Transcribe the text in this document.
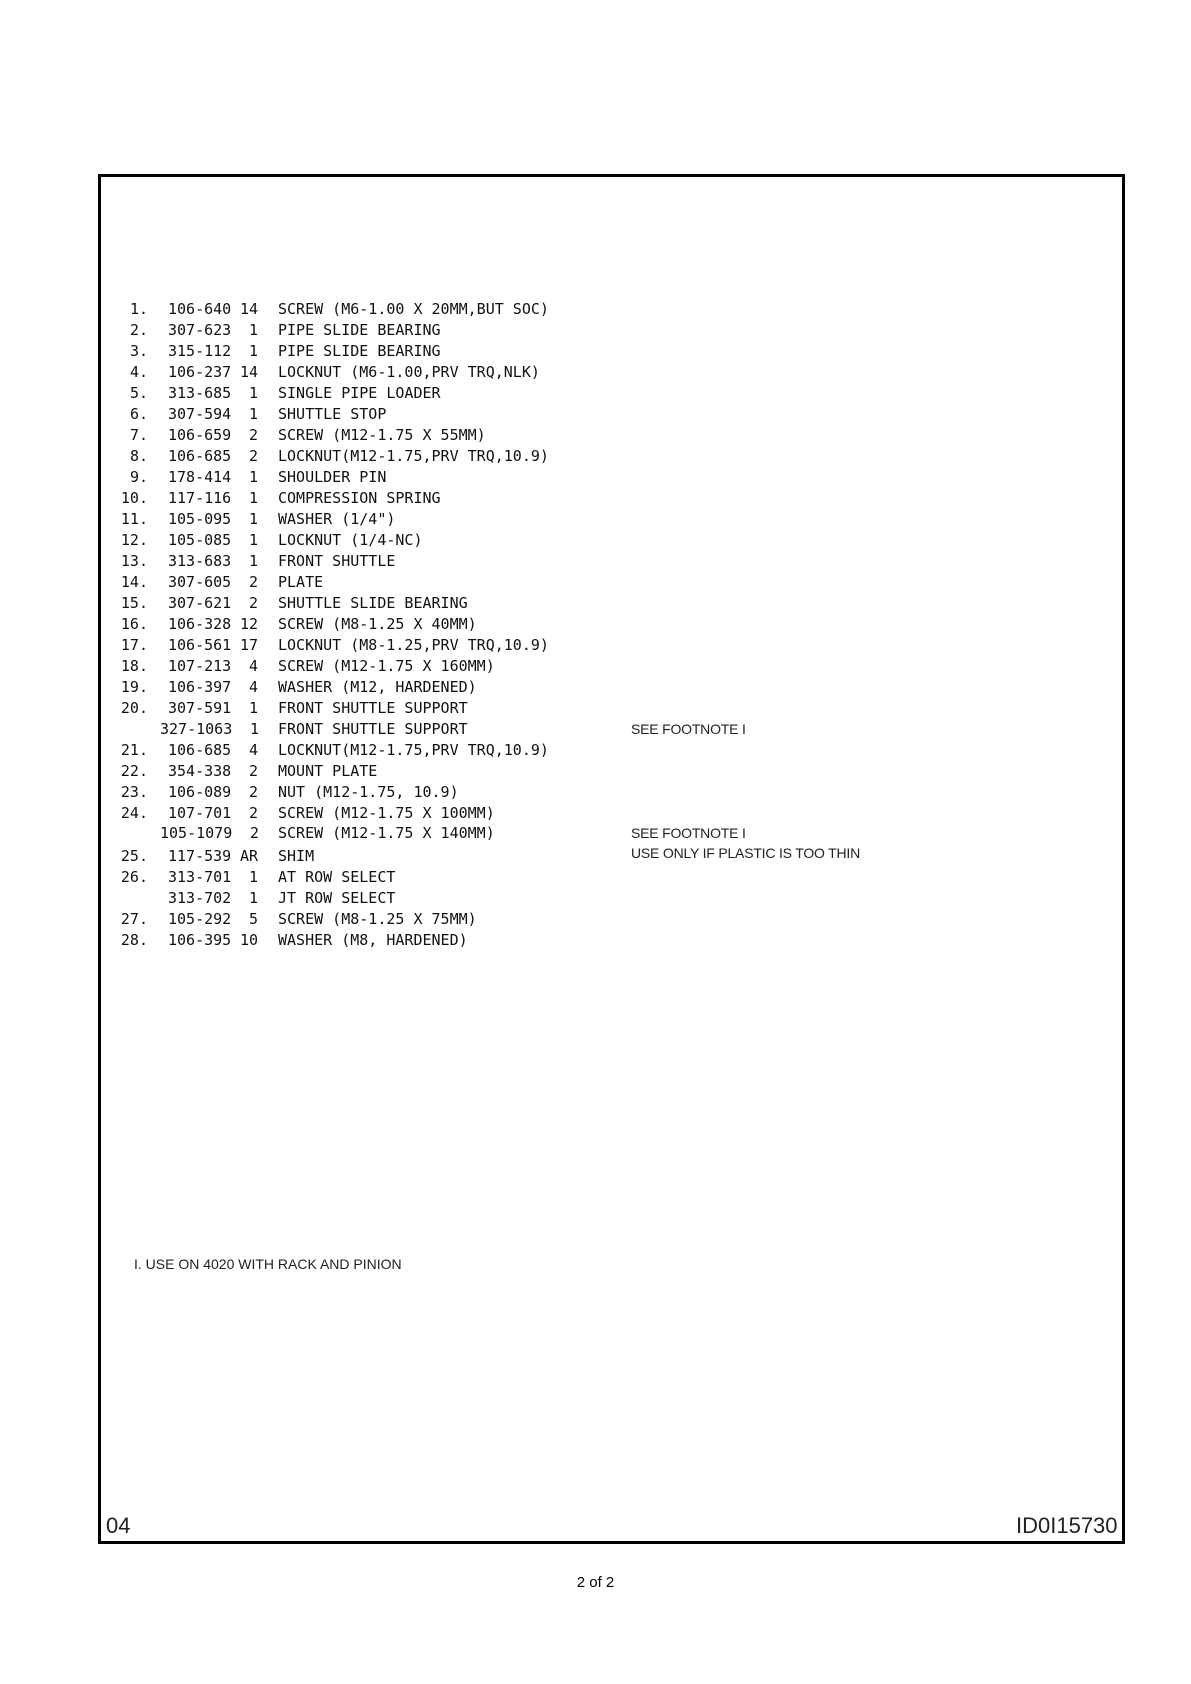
1. 106-640 14 SCREW (M6-1.00 X 20MM,BUT SOC)
2. 307-623 1 PIPE SLIDE BEARING
3. 315-112 1 PIPE SLIDE BEARING
4. 106-237 14 LOCKNUT (M6-1.00,PRV TRQ,NLK)
5. 313-685 1 SINGLE PIPE LOADER
6. 307-594 1 SHUTTLE STOP
7. 106-659 2 SCREW (M12-1.75 X 55MM)
8. 106-685 2 LOCKNUT(M12-1.75,PRV TRQ,10.9)
9. 178-414 1 SHOULDER PIN
10. 117-116 1 COMPRESSION SPRING
11. 105-095 1 WASHER (1/4")
12. 105-085 1 LOCKNUT (1/4-NC)
13. 313-683 1 FRONT SHUTTLE
14. 307-605 2 PLATE
15. 307-621 2 SHUTTLE SLIDE BEARING
16. 106-328 12 SCREW (M8-1.25 X 40MM)
17. 106-561 17 LOCKNUT (M8-1.25,PRV TRQ,10.9)
18. 107-213 4 SCREW (M12-1.75 X 160MM)
19. 106-397 4 WASHER (M12, HARDENED)
20. 307-591 1 FRONT SHUTTLE SUPPORT
327-1063 1 FRONT SHUTTLE SUPPORT
21. 106-685 4 LOCKNUT(M12-1.75,PRV TRQ,10.9)
22. 354-338 2 MOUNT PLATE
23. 106-089 2 NUT (M12-1.75, 10.9)
24. 107-701 2 SCREW (M12-1.75 X 100MM)
105-1079 2 SCREW (M12-1.75 X 140MM)
25. 117-539 AR SHIM
26. 313-701 1 AT ROW SELECT
313-702 1 JT ROW SELECT
27. 105-292 5 SCREW (M8-1.25 X 75MM)
28. 106-395 10 WASHER (M8, HARDENED)
SEE FOOTNOTE I
SEE FOOTNOTE I
USE ONLY IF PLASTIC IS TOO THIN
I. USE ON 4020 WITH RACK AND PINION
04	ID0I15730
2 of 2
